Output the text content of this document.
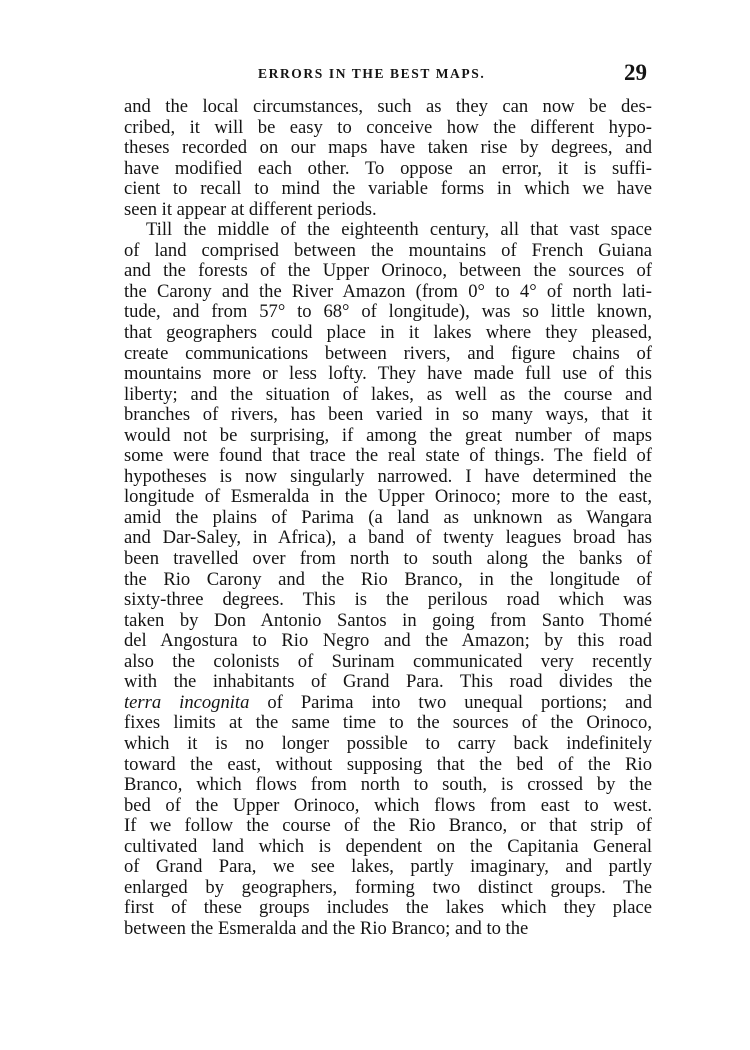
ERRORS IN THE BEST MAPS.	29
and the local circumstances, such as they can now be des-
cribed, it will be easy to conceive how the different hypo-
theses recorded on our maps have taken rise by degrees, and
have modified each other. To oppose an error, it is suffi-
cient to recall to mind the variable forms in which we have
seen it appear at different periods.
Till the middle of the eighteenth century, all that vast space
of land comprised between the mountains of French Guiana
and the forests of the Upper Orinoco, between the sources of
the Carony and the River Amazon (from 0° to 4° of north lati-
tude, and from 57° to 68° of longitude), was so little known,
that geographers could place in it lakes where they pleased,
create communications between rivers, and figure chains of
mountains more or less lofty. They have made full use of this
liberty; and the situation of lakes, as well as the course and
branches of rivers, has been varied in so many ways, that it
would not be surprising, if among the great number of maps
some were found that trace the real state of things. The field of
hypotheses is now singularly narrowed. I have determined the
longitude of Esmeralda in the Upper Orinoco; more to the east,
amid the plains of Parima (a land as unknown as Wangara
and Dar-Saley, in Africa), a band of twenty leagues broad has
been travelled over from north to south along the banks of
the Rio Carony and the Rio Branco, in the longitude of
sixty-three degrees. This is the perilous road which was
taken by Don Antonio Santos in going from Santo Thomé
del Angostura to Rio Negro and the Amazon; by this road
also the colonists of Surinam communicated very recently
with the inhabitants of Grand Para. This road divides the
terra incognita of Parima into two unequal portions; and
fixes limits at the same time to the sources of the Orinoco,
which it is no longer possible to carry back indefinitely
toward the east, without supposing that the bed of the Rio
Branco, which flows from north to south, is crossed by the
bed of the Upper Orinoco, which flows from east to west.
If we follow the course of the Rio Branco, or that strip of
cultivated land which is dependent on the Capitania General
of Grand Para, we see lakes, partly imaginary, and partly
enlarged by geographers, forming two distinct groups. The
first of these groups includes the lakes which they place
between the Esmeralda and the Rio Branco; and to the
